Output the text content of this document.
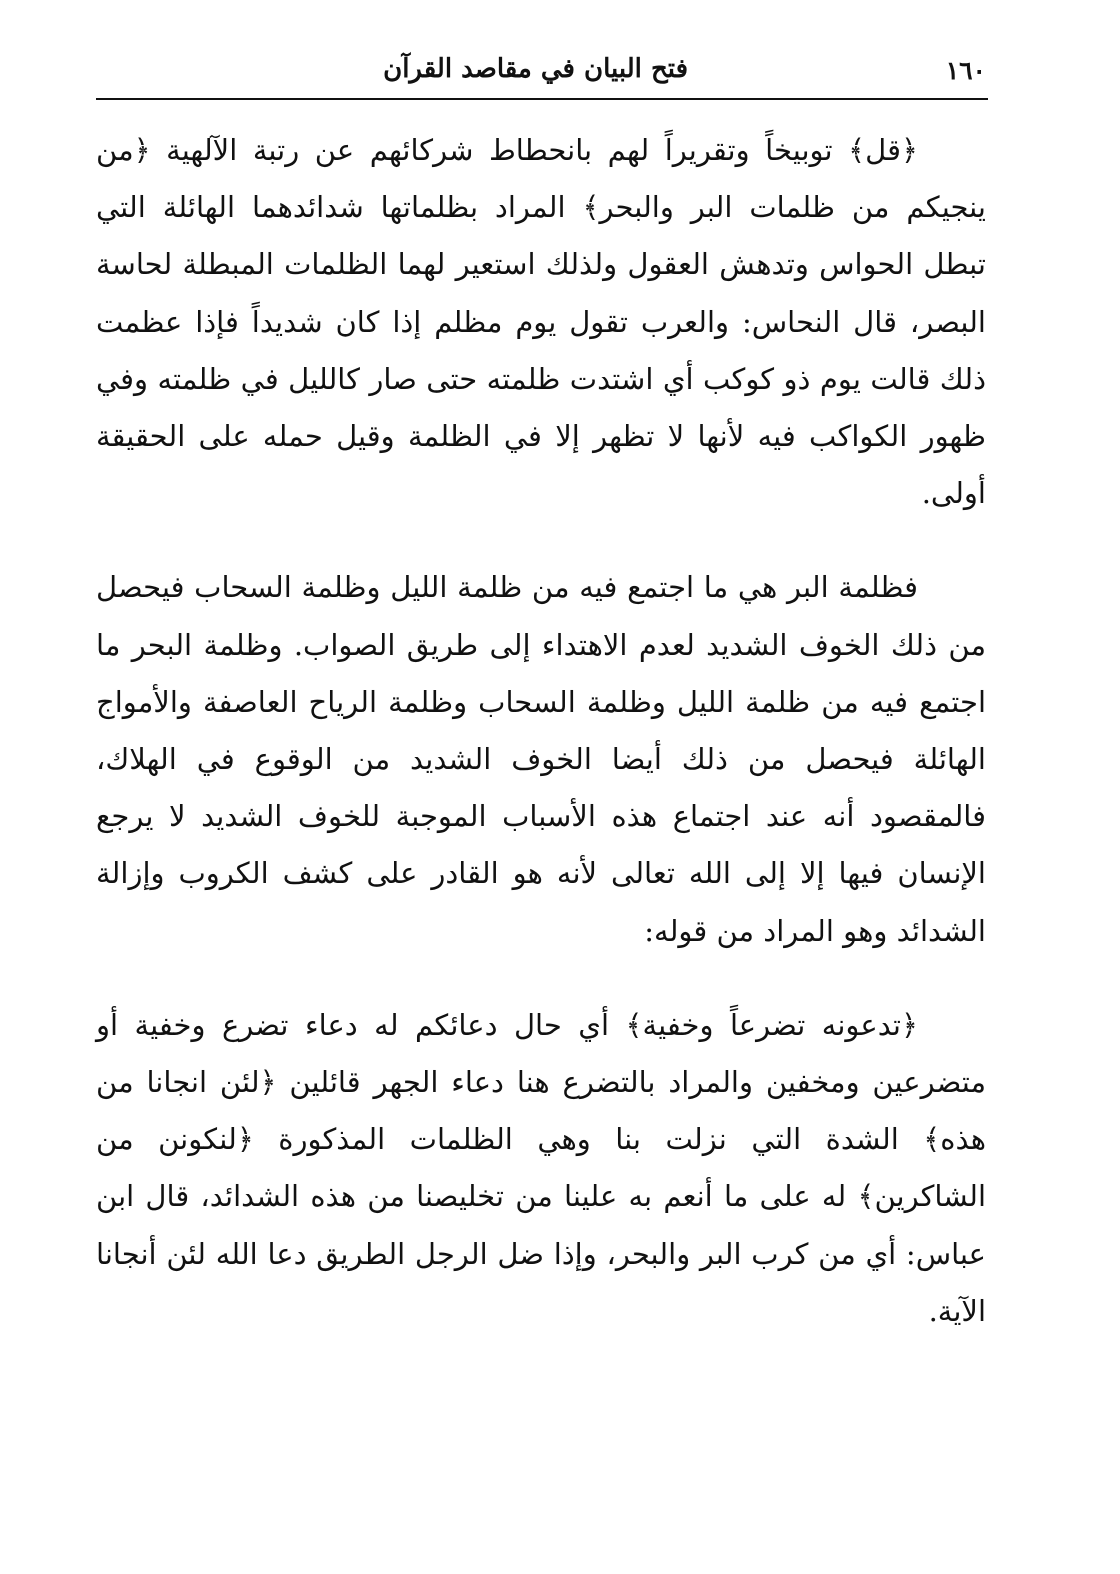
١٦٠
فتح البيان في مقاصد القرآن

﴿قل﴾ توبيخاً وتقريراً لهم بانحطاط شركائهم عن رتبة الآلهية ﴿من ينجيكم من ظلمات البر والبحر﴾ المراد بظلماتها شدائدهما الهائلة التي تبطل الحواس وتدهش العقول ولذلك استعير لهما الظلمات المبطلة لحاسة البصر، قال النحاس: والعرب تقول يوم مظلم إذا كان شديداً فإذا عظمت ذلك قالت يوم ذو كوكب أي اشتدت ظلمته حتى صار كالليل في ظلمته وفي ظهور الكواكب فيه لأنها لا تظهر إلا في الظلمة وقيل حمله على الحقيقة أولى.

فظلمة البر هي ما اجتمع فيه من ظلمة الليل وظلمة السحاب فيحصل من ذلك الخوف الشديد لعدم الاهتداء إلى طريق الصواب. وظلمة البحر ما اجتمع فيه من ظلمة الليل وظلمة السحاب وظلمة الرياح العاصفة والأمواج الهائلة فيحصل من ذلك أيضا الخوف الشديد من الوقوع في الهلاك، فالمقصود أنه عند اجتماع هذه الأسباب الموجبة للخوف الشديد لا يرجع الإنسان فيها إلا إلى الله تعالى لأنه هو القادر على كشف الكروب وإزالة الشدائد وهو المراد من قوله:

﴿تدعونه تضرعاً وخفية﴾ أي حال دعائكم له دعاء تضرع وخفية أو متضرعين ومخفين والمراد بالتضرع هنا دعاء الجهر قائلين ﴿لئن انجانا من هذه﴾ الشدة التي نزلت بنا وهي الظلمات المذكورة ﴿لنكونن من الشاكرين﴾ له على ما أنعم به علينا من تخليصنا من هذه الشدائد، قال ابن عباس: أي من كرب البر والبحر، وإذا ضل الرجل الطريق دعا الله لئن أنجانا الآية.
